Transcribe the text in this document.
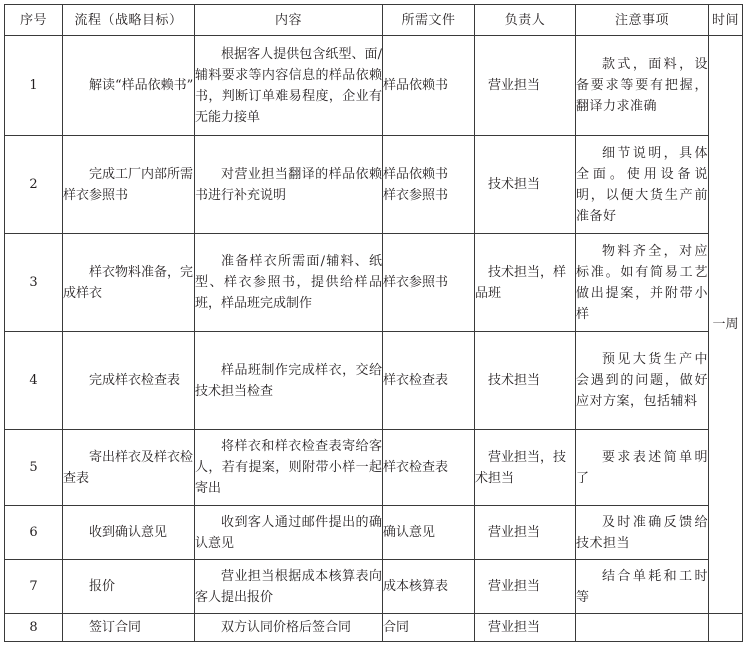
序号	流程（战略目标）	内容	所需文件	负责人	注意事项	时间
1	解读“样品依赖书”	根据客人提供包含纸型、面/辅料要求等内容信息的样品依赖书，判断订单难易程度，企业有无能力接单	样品依赖书	营业担当	款式，面料，设备要求等要有把握，翻译力求准确	一周
2	完成工厂内部所需样衣参照书	对营业担当翻译的样品依赖书进行补充说明	样品依赖书样衣参照书	技术担当	细节说明，具体全面。使用设备说明，以便大货生产前准备好	

3	样衣物料准备，完成样衣	准备样衣所需面/辅料、纸型、样衣参照书，提供给样品班，样品班完成制作	样衣参照书	技术担当，样品班	物料齐全，对应标准。如有简易工艺做出提案，并附带小样	

4	完成样衣检查表	样品班制作完成样衣，交给技术担当检查	样衣检查表	技术担当	预见大货生产中会遇到的问题，做好应对方案，包括辅料	

5	寄出样衣及样衣检查表	将样衣和样衣检查表寄给客人，若有提案，则附带小样一起寄出	样衣检查表	营业担当，技术担当	要求表述简单明了	

6	收到确认意见	收到客人通过邮件提出的确认意见	确认意见	营业担当	及时准确反馈给技术担当	

7	报价	营业担当根据成本核算表向客人提出报价	成本核算表	营业担当	结合单耗和工时等	

8	签订合同	双方认同价格后签合同	合同	营业担当		
